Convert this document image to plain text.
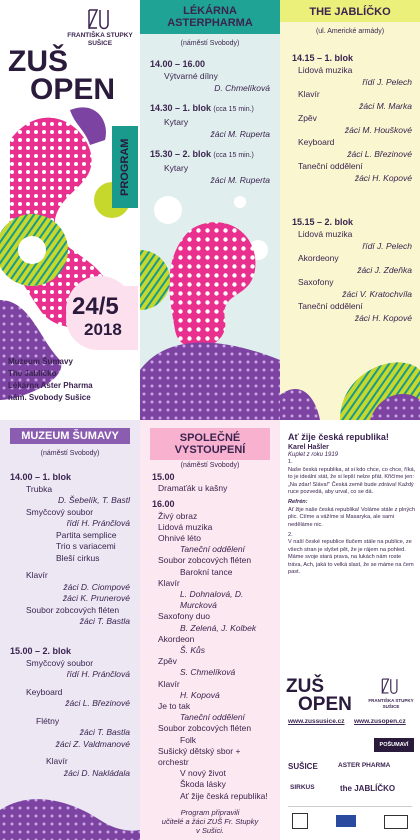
FRANTIŠKA STUPKY
SUŠICE
ZUŠ
OPEN
PROGRAM
24/5
2018
Muzeum Šumavy
The Jablíčko
Lékárna Aster Pharma
nám. Svobody Sušice
LÉKÁRNA
ASTERPHARMA
(náměstí Svobody)
14.00 – 16.00
Výtvarné dílny
D. Chmelíková
14.30 – 1. blok (cca 15 min.)
Kytary
žáci M. Ruperta
15.30 – 2. blok (cca 15 min.)
Kytary
žáci M. Ruperta
THE JABLÍČKO
(ul. Americké armády)
14.15 – 1. blok
Lidová muzika
řídí J. Pelech
Klavír
žáci M. Marka
Zpěv
žáci M. Houškové
Keyboard
žáci L. Březinové
Taneční oddělení
žáci H. Kopové
15.15 – 2. blok
Lidová muzika
řídí J. Pelech
Akordeony
žáci J. Zdeňka
Saxofony
žáci V. Kratochvíla
Taneční oddělení
žáci H. Kopové
MUZEUM ŠUMAVY
(náměstí Svobody)
14.00 – 1. blok
Trubka
D. Šebelík, T. Bastl
Smyčcový soubor
řídí H. Pránčlová
Partita semplice
Trio s variacemi
Bleší cirkus
Klavír
žáci D. Ciompové
žáci K. Prunerové
Soubor zobcových fléten
žáci T. Bastla
15.00 – 2. blok
Smyčcový soubor
řídí H. Pránčlová
Keyboard
žáci L. Březinové
Flétny
žáci T. Bastla
žáci Z. Valdmanové
Klavír
žáci D. Nakládala
SPOLEČNÉ
VYSTOUPENÍ
(náměstí Svobody)
15.00
Dramaťák u kašny
16.00
Živý obraz
Lidová muzika
Ohnivé léto
Taneční oddělení
Soubor zobcových fléten
Barokní tance
Klavír
L. Dohnalová, D. Murcková
Saxofony duo
B. Zelená, J. Kolbek
Akordeon
Š. Kůs
Zpěv
S. Chmelíková
Klavír
H. Kopová
Je to tak
Taneční oddělení
Soubor zobcových fléten
Folk
Sušický dětský sbor + orchestr
V nový život
Škoda lásky
Ať žije česká republika!
Program připravili
učitelé a žáci ZUŠ Fr. Stupky
v Sušici.
Ať žije česká republika!
Karel Hašler
Kuplet z roku 1919
1.
Naše česká republika, at si kdo chce, co chce, říká, to je ideální stát, že si lepší nelze přát. Křičíme jen: „Na zdar! Sláva!" Česká země bude zdráva! Každý ruce pozvedá, aby urval, co se dá.
Refrén:
Ať žije naše česká republika! Voláme stále z plných plic. Ctíme a vážíme si Masaryka, ale sami neděláme nic.
2.
V naší české republice tlučem stále na publice, ze všech stran je slyšet pět, že je rájem na pohled. Máme svoje stará prava, na lukách nám roste tráva, Ach, jaká to velká slast, že se máme na čem past.
ZUŠ
OPEN	FRANTIŠKA STUPKY
SUŠICE
www.zussusice.cz www.zusopen.cz
POŠUMAVÍ
SUŠICE	ASTER PHARMA
SIRKUS	the JABLÍČKO
